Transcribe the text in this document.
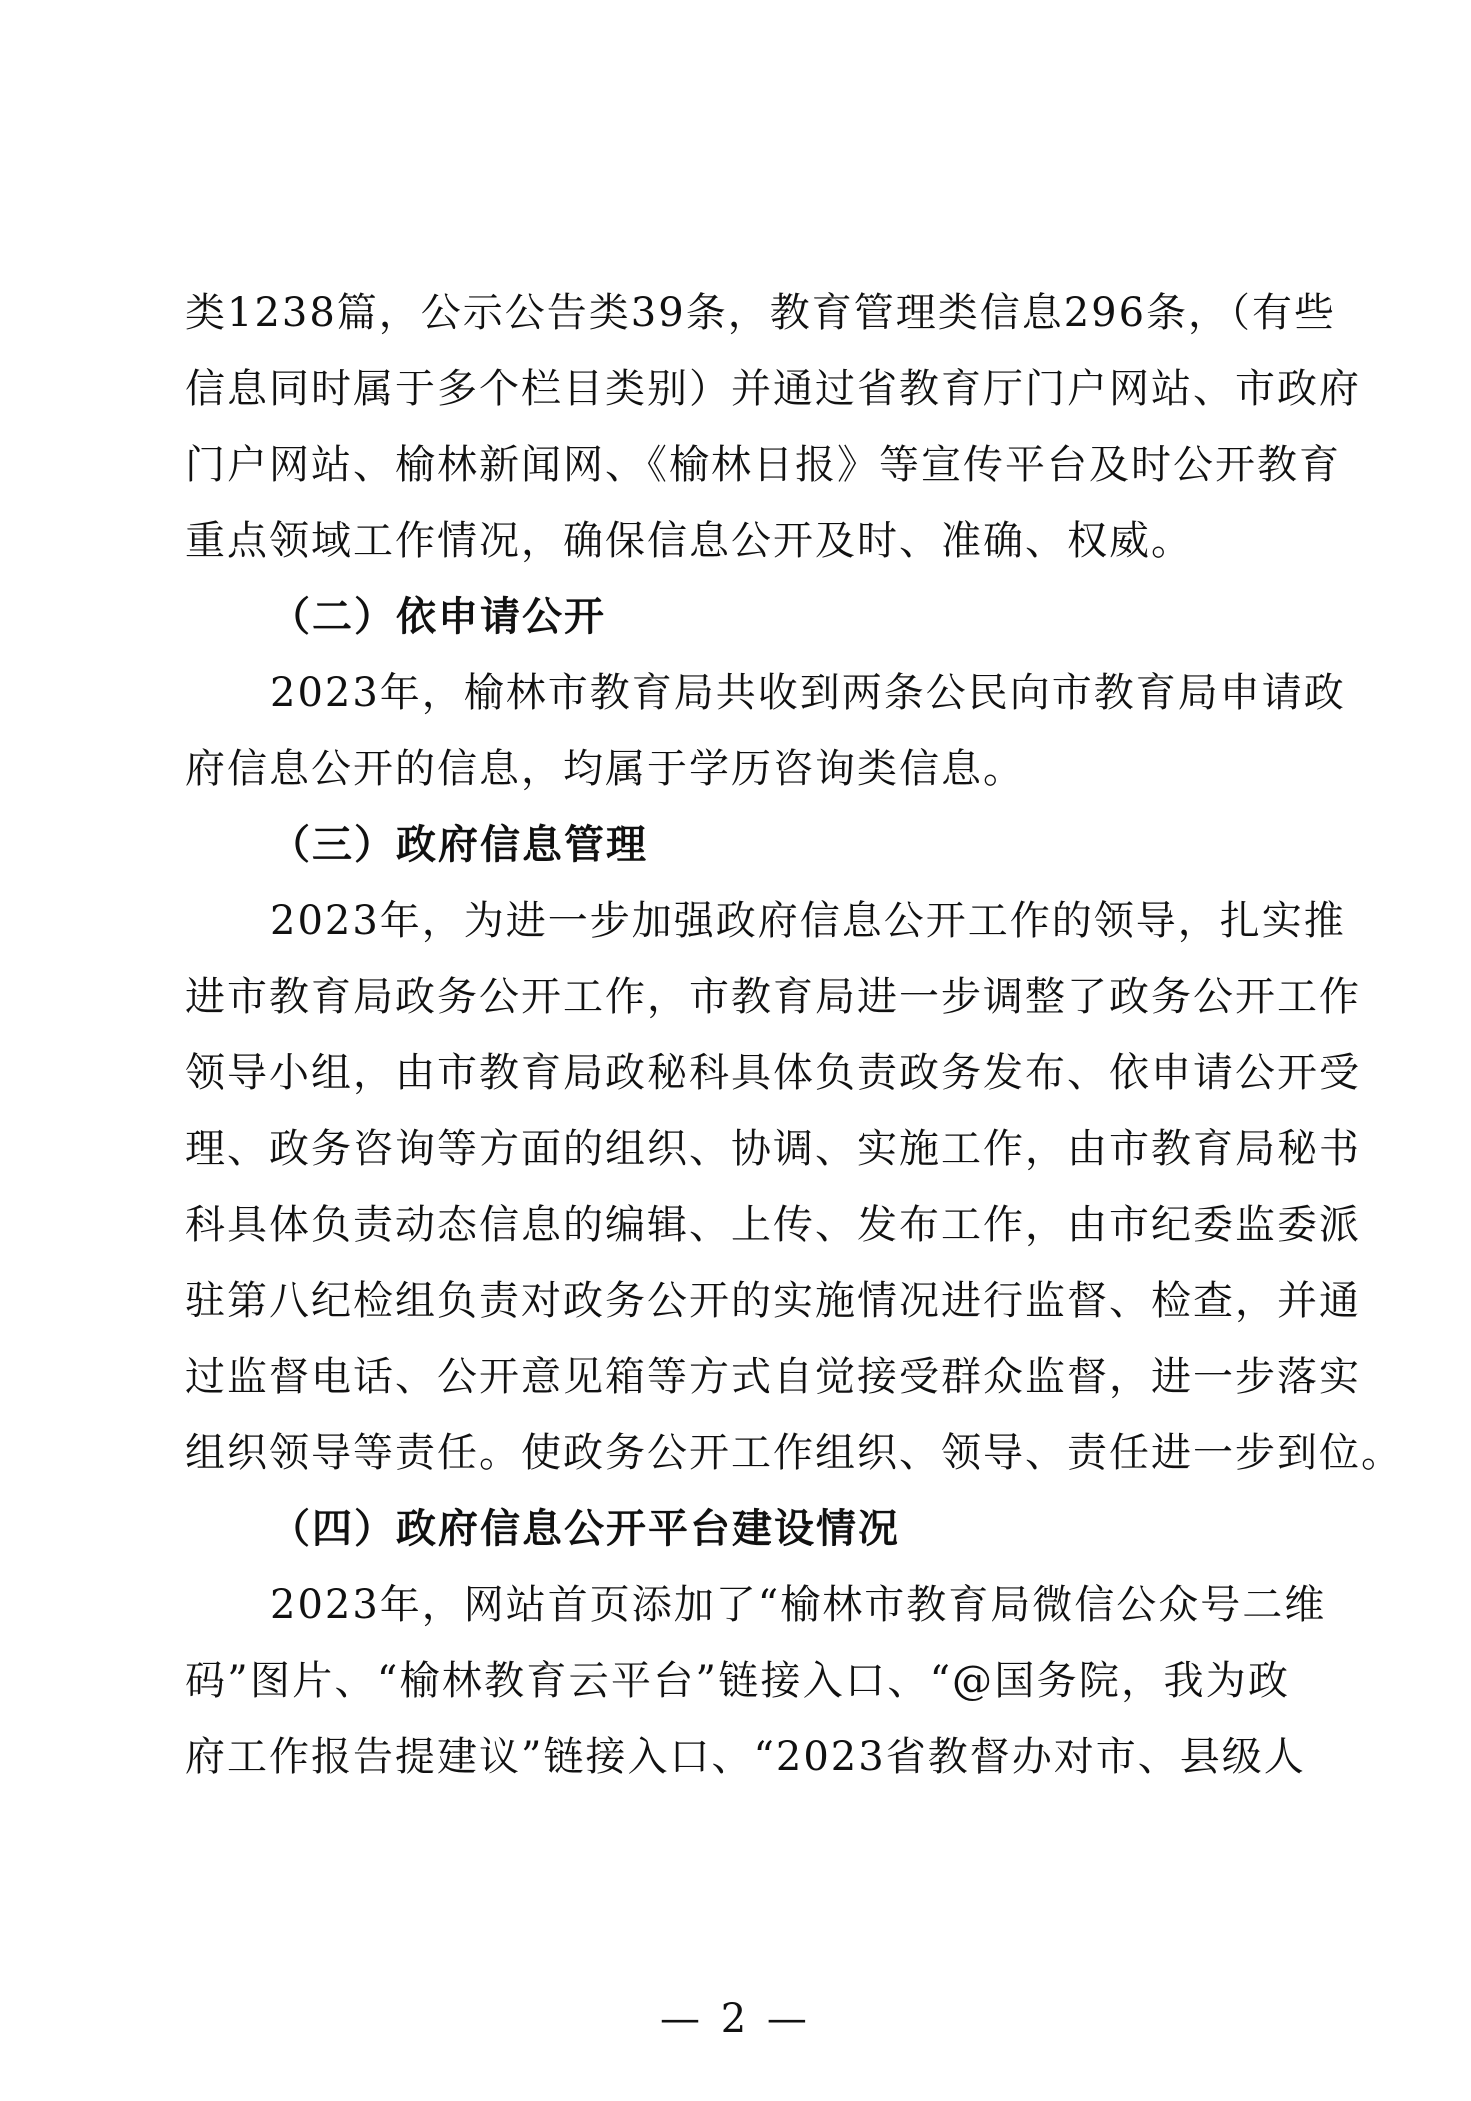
类1238篇，公示公告类39条，教育管理类信息296条，（有些
信息同时属于多个栏目类别）并通过省教育厅门户网站、市政府
门户网站、榆林新闻网、《榆林日报》等宣传平台及时公开教育
重点领域工作情况，确保信息公开及时、准确、权威。
（二）依申请公开
2023年，榆林市教育局共收到两条公民向市教育局申请政
府信息公开的信息，均属于学历咨询类信息。
（三）政府信息管理
2023年，为进一步加强政府信息公开工作的领导，扎实推
进市教育局政务公开工作，市教育局进一步调整了政务公开工作
领导小组，由市教育局政秘科具体负责政务发布、依申请公开受
理、政务咨询等方面的组织、协调、实施工作，由市教育局秘书
科具体负责动态信息的编辑、上传、发布工作，由市纪委监委派
驻第八纪检组负责对政务公开的实施情况进行监督、检查，并通
过监督电话、公开意见箱等方式自觉接受群众监督，进一步落实
组织领导等责任。使政务公开工作组织、领导、责任进一步到位。
（四）政府信息公开平台建设情况
2023年，网站首页添加了“榆林市教育局微信公众号二维
码”图片、“榆林教育云平台”链接入口、“@国务院，我为政
府工作报告提建议”链接入口、“2023省教督办对市、县级人
— 2 —
